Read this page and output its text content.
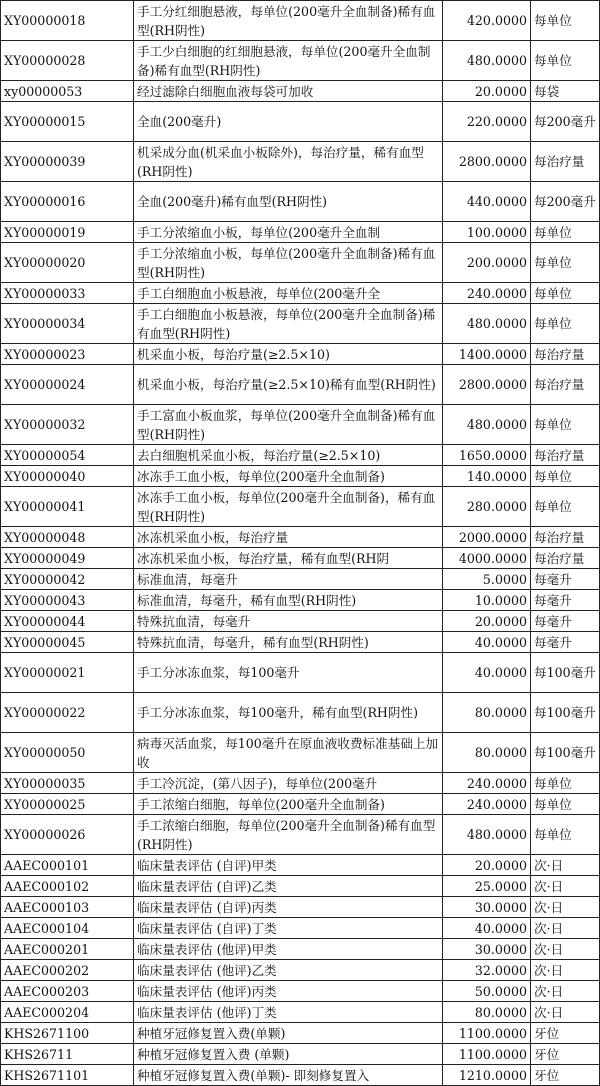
XY00000018	手工分红细胞悬液，每单位(200毫升全血制备)稀有血型(RH阴性)	420.0000	每单位
XY00000028	手工少白细胞的红细胞悬液，每单位(200毫升全血制备)稀有血型(RH阴性)	480.0000	每单位
xy00000053	经过滤除白细胞血液每袋可加收	20.0000	每袋
XY00000015	全血(200毫升)	220.0000	每200毫升
XY00000039	机采成分血(机采血小板除外)，每治疗量，稀有血型(RH阴性)	2800.0000	每治疗量
XY00000016	全血(200毫升)稀有血型(RH阴性)	440.0000	每200毫升
XY00000019	手工分浓缩血小板，每单位(200毫升全血制	100.0000	每单位
XY00000020	手工分浓缩血小板，每单位(200毫升全血制备)稀有血型(RH阴性)	200.0000	每单位
XY00000033	手工白细胞血小板悬液，每单位(200毫升全	240.0000	每单位
XY00000034	手工白细胞血小板悬液，每单位(200毫升全血制备)稀有血型(RH阴性)	480.0000	每单位
XY00000023	机采血小板，每治疗量(≥2.5×10)	1400.0000	每治疗量
XY00000024	机采血小板，每治疗量(≥2.5×10)稀有血型(RH阴性)	2800.0000	每治疗量
XY00000032	手工富血小板血浆，每单位(200毫升全血制备)稀有血型(RH阴性)	480.0000	每单位
XY00000054	去白细胞机采血小板，每治疗量(≥2.5×10)	1650.0000	每治疗量
XY00000040	冰冻手工血小板，每单位(200毫升全血制备)	140.0000	每单位
XY00000041	冰冻手工血小板，每单位(200毫升全血制备)，稀有血型(RH阴性)	280.0000	每单位
XY00000048	冰冻机采血小板，每治疗量	2000.0000	每治疗量
XY00000049	冰冻机采血小板，每治疗量，稀有血型(RH阴	4000.0000	每治疗量
XY00000042	标准血清，每毫升	5.0000	每毫升
XY00000043	标准血清，每毫升，稀有血型(RH阴性)	10.0000	每毫升
XY00000044	特殊抗血清，每毫升	20.0000	每毫升
XY00000045	特殊抗血清，每毫升，稀有血型(RH阴性)	40.0000	每毫升
XY00000021	手工分冰冻血浆，每100毫升	40.0000	每100毫升
XY00000022	手工分冰冻血浆，每100毫升，稀有血型(RH阴性)	80.0000	每100毫升
XY00000050	病毒灭活血浆，每100毫升在原血液收费标准基础上加收	80.0000	每100毫升
XY00000035	手工冷沉淀，(第八因子)，每单位(200毫升	240.0000	每单位
XY00000025	手工浓缩白细胞，每单位(200毫升全血制备)	240.0000	每单位
XY00000026	手工浓缩白细胞，每单位(200毫升全血制备)稀有血型(RH阴性)	480.0000	每单位
AAEC000101	临床量表评估 (自评)甲类	20.0000	次·日
AAEC000102	临床量表评估 (自评)乙类	25.0000	次·日
AAEC000103	临床量表评估 (自评)丙类	30.0000	次·日
AAEC000104	临床量表评估 (自评)丁类	40.0000	次·日
AAEC000201	临床量表评估 (他评)甲类	30.0000	次·日
AAEC000202	临床量表评估 (他评)乙类	32.0000	次·日
AAEC000203	临床量表评估 (他评)丙类	50.0000	次·日
AAEC000204	临床量表评估 (他评)丁类	80.0000	次·日
KHS2671100	种植牙冠修复置入费(单颗)	1100.0000	牙位
KHS26711	种植牙冠修复置入费 (单颗)	1100.0000	牙位
KHS2671101	种植牙冠修复置入费(单颗)- 即刻修复置入	1210.0000	牙位
